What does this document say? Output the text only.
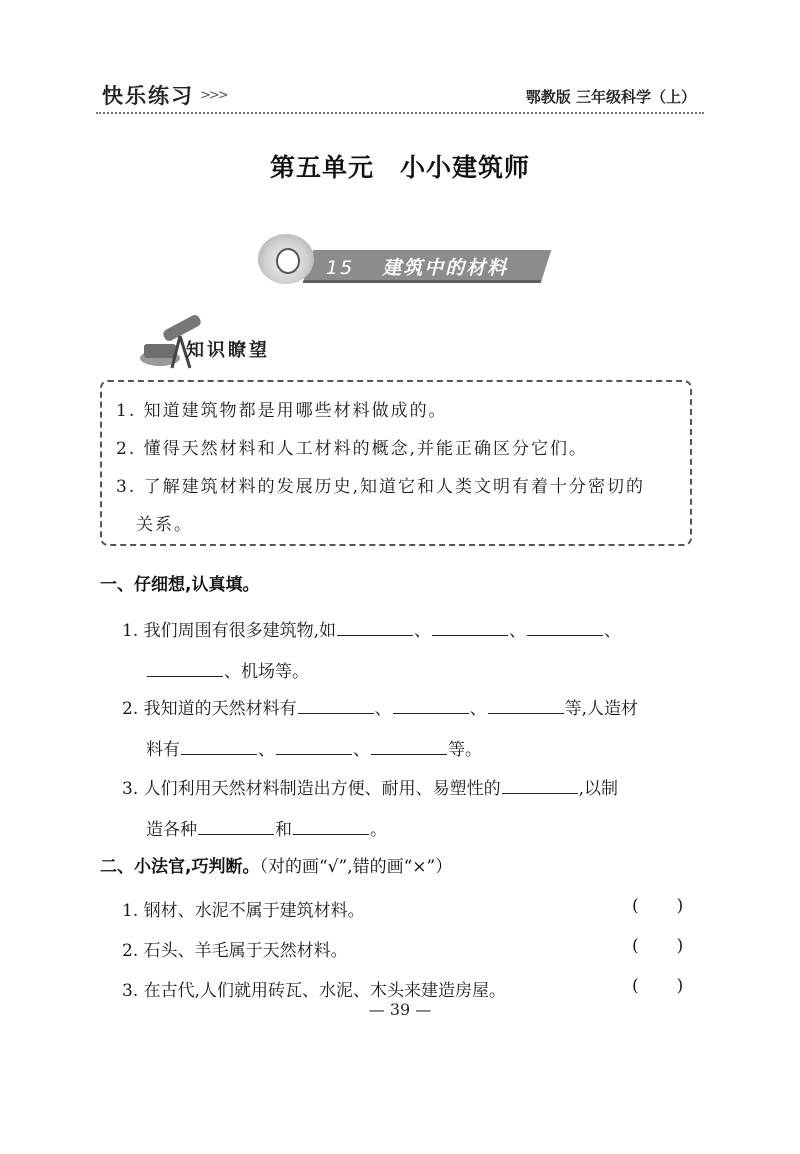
快乐练习 >>>	鄂教版 三年级科学（上）
第五单元 小小建筑师
15 建筑中的材料
知识瞭望
1. 知道建筑物都是用哪些材料做成的。
2. 懂得天然材料和人工材料的概念,并能正确区分它们。
3. 了解建筑材料的发展历史,知道它和人类文明有着十分密切的
关系。
一、仔细想,认真填。
1. 我们周围有很多建筑物,如	、	、	、
、机场等。
2. 我知道的天然材料有	、	、	等,人造材
料有	、	、	等。
3. 人们利用天然材料制造出方便、耐用、易塑性的	,以制
造各种	和	。
二、小法官,巧判断。（对的画“√”,错的画“×”）
1. 钢材、水泥不属于建筑材料。	( )
2. 石头、羊毛属于天然材料。	( )
3. 在古代,人们就用砖瓦、水泥、木头来建造房屋。	( )
— 39 —
